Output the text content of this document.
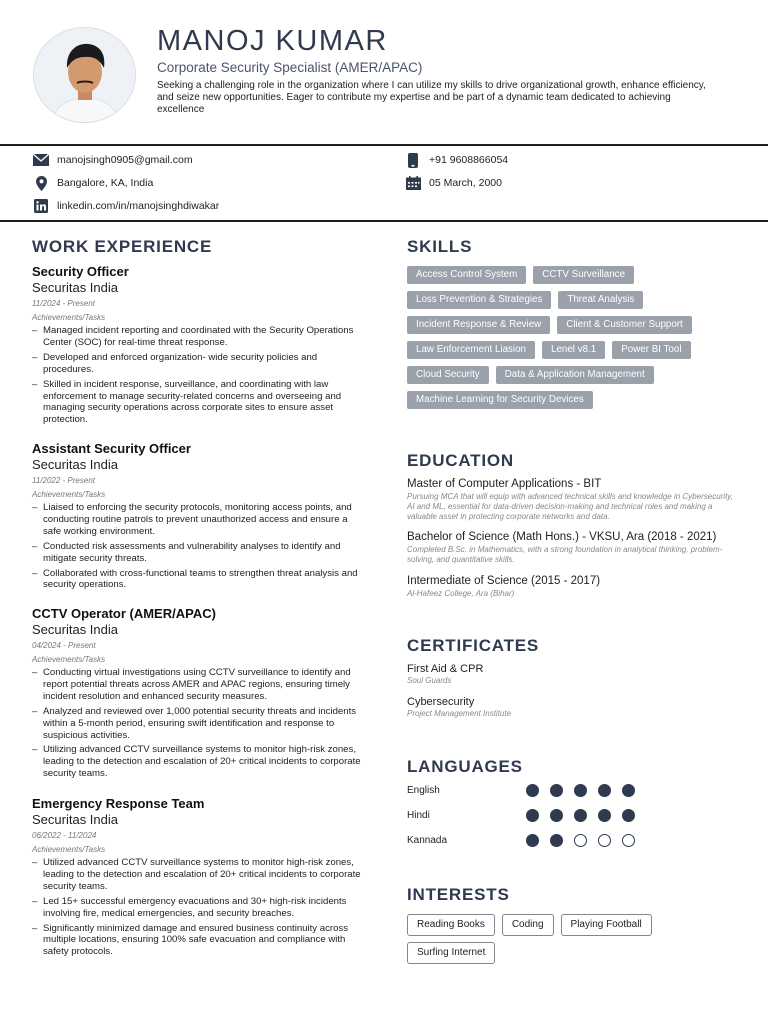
MANOJ KUMAR
Corporate Security Specialist (AMER/APAC)
Seeking a challenging role in the organization where I can utilize my skills to drive organizational growth, enhance efficiency, and seize new opportunities. Eager to contribute my expertise and be part of a dynamic team dedicated to achieving excellence
manojsingh0905@gmail.com	+91 9608866054
Bangalore, KA, India	05 March, 2000
linkedin.com/in/manojsinghdiwakar
WORK EXPERIENCE
Security Officer
Securitas India
11/2024 - Present
Achievements/Tasks
– Managed incident reporting and coordinated with the Security Operations Center (SOC) for real-time threat response.
– Developed and enforced organization- wide security policies and procedures.
– Skilled in incident response, surveillance, and coordinating with law enforcement to manage security-related concerns and overseeing and managing security operations across corporate sites to ensure asset protection.
Assistant Security Officer
Securitas India
11/2022 - Present
Achievements/Tasks
– Liaised to enforcing the security protocols, monitoring access points, and conducting routine patrols to prevent unauthorized access and ensure a safe working environment.
– Conducted risk assessments and vulnerability analyses to identify and mitigate security threats.
– Collaborated with cross-functional teams to strengthen threat analysis and security operations.
CCTV Operator (AMER/APAC)
Securitas India
04/2024 - Present
Achievements/Tasks
– Conducting virtual investigations using CCTV surveillance to identify and report potential threats across AMER and APAC regions, ensuring timely incident resolution and enhanced security measures.
– Analyzed and reviewed over 1,000 potential security threats and incidents within a 5-month period, ensuring swift identification and response to suspicious activities.
– Utilizing advanced CCTV surveillance systems to monitor high-risk zones, leading to the detection and escalation of 20+ critical incidents to corporate security teams.
Emergency Response Team
Securitas India
06/2022 - 11/2024
Achievements/Tasks
– Utilized advanced CCTV surveillance systems to monitor high-risk zones, leading to the detection and escalation of 20+ critical incidents to corporate security teams.
– Led 15+ successful emergency evacuations and 30+ high-risk incidents involving fire, medical emergencies, and security breaches.
– Significantly minimized damage and ensured business continuity across multiple locations, ensuring 100% safe evacuation and compliance with safety protocols.
SKILLS
Access Control System	CCTV Surveillance
Loss Prevention & Strategies	Threat Analysis
Incident Response & Review	Client & Customer Support
Law Enforcement Liasion	Lenel v8.1	Power BI Tool
Cloud Security	Data & Application Management
Machine Learning for Security Devices
EDUCATION
Master of Computer Applications - BIT
Pursuing MCA that will equip with advanced technical skills and knowledge in Cybersecurity, AI and ML, essential for data-driven decision-making and technical roles and making a valuable asset in protecting corporate networks and data.
Bachelor of Science (Math Hons.) - VKSU, Ara (2018 - 2021)
Completed B.Sc. in Mathematics, with a strong foundation in analytical thinking, problem-solving, and quantitative skills.
Intermediate of Science (2015 - 2017)
Al-Hafeez College, Ara (Bihar)
CERTIFICATES
First Aid & CPR
Soul Guards
Cybersecurity
Project Management Institute
LANGUAGES
English
Hindi
Kannada
INTERESTS
Reading Books	Coding	Playing Football
Surfing Internet
